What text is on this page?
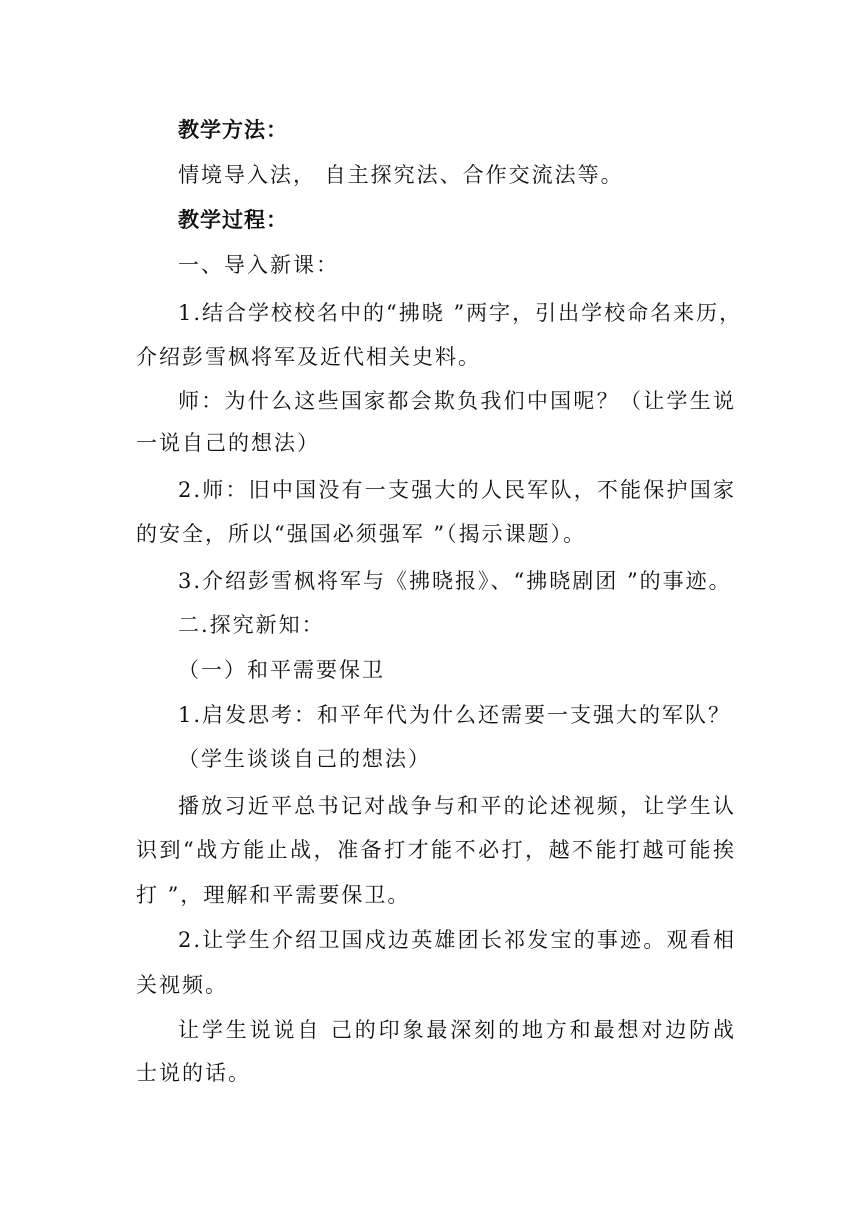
教学方法：
情境导入法， 自主探究法、合作交流法等。
教学过程：
一、导入新课：
1.结合学校校名中的“拂晓 ”两字，引出学校命名来历，
介绍彭雪枫将军及近代相关史料。
师：为什么这些国家都会欺负我们中国呢？（让学生说
一说自己的想法）
2.师：旧中国没有一支强大的人民军队，不能保护国家
的安全，所以“强国必须强军 ”（揭示课题）。
3.介绍彭雪枫将军与《拂晓报》、“拂晓剧团 ”的事迹。
二.探究新知：
（一）和平需要保卫
1.启发思考：和平年代为什么还需要一支强大的军队？
（学生谈谈自己的想法）
播放习近平总书记对战争与和平的论述视频，让学生认
识到“战方能止战，准备打才能不必打，越不能打越可能挨
打 ”，理解和平需要保卫。
2.让学生介绍卫国戍边英雄团长祁发宝的事迹。观看相
关视频。
让学生说说自 己的印象最深刻的地方和最想对边防战
士说的话。
